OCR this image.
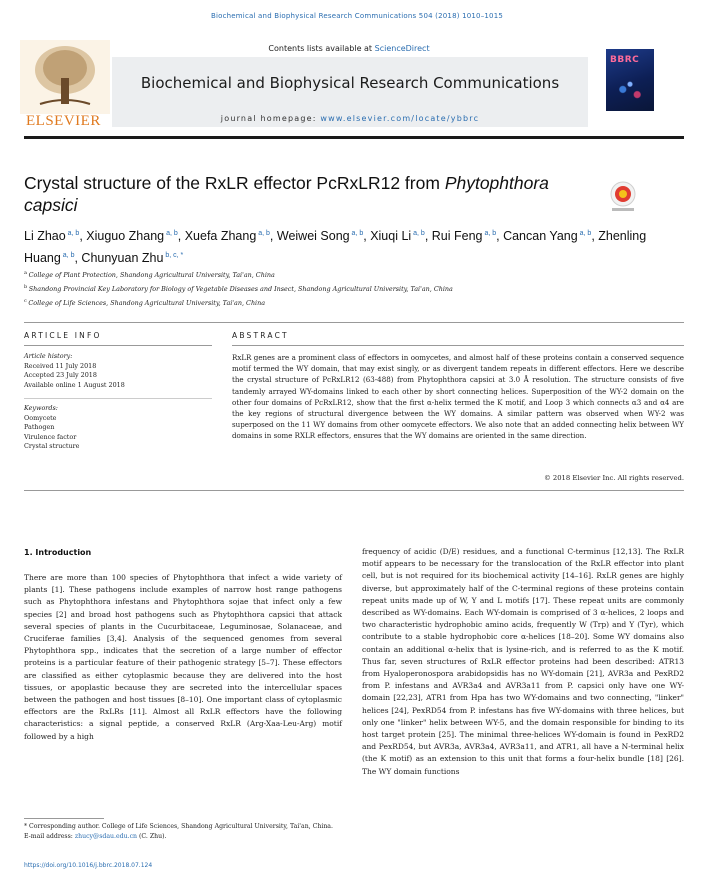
Biochemical and Biophysical Research Communications 504 (2018) 1010–1015
ELSEVIER
Contents lists available at ScienceDirect
Biochemical and Biophysical Research Communications
journal homepage: www.elsevier.com/locate/ybbrc
BBRC
Crystal structure of the RxLR effector PcRxLR12 from Phytophthora capsici
Li Zhao $^{a, b}$, Xiuguo Zhang $^{a, b}$, Xuefa Zhang $^{a, b}$, Weiwei Song $^{a, b}$, Xiuqi Li $^{a, b}$, Rui Feng $^{a, b}$, Cancan Yang $^{a, b}$, Zhenling Huang $^{a, b}$, Chunyuan Zhu $^{b, c, *}$
$^a$ College of Plant Protection, Shandong Agricultural University, Tai'an, China
$^b$ Shandong Provincial Key Laboratory for Biology of Vegetable Diseases and Insect, Shandong Agricultural University, Tai'an, China
$^c$ College of Life Sciences, Shandong Agricultural University, Tai'an, China
ARTICLE INFO	ABSTRACT
Article history:
Received 11 July 2018
Accepted 23 July 2018
Available online 1 August 2018
Keywords:
Oomycete
Pathogen
Virulence factor
Crystal structure
RxLR genes are a prominent class of effectors in oomycetes, and almost half of these proteins contain a conserved sequence motif termed the WY domain, that may exist singly, or as divergent tandem repeats in different effectors. Here we describe the crystal structure of PcRxLR12 (63-488) from Phytophthora capsici at 3.0 Å resolution. The structure consists of five tandemly arrayed WY-domains linked to each other by short connecting helices. Superposition of the WY-2 domain on the other four domains of PcRxLR12, show that the first α-helix termed the K motif, and Loop 3 which connects α3 and α4 are the key regions of structural divergence between the WY domains. A similar pattern was observed when WY-2 was superposed on the 11 WY domains from other oomycete effectors. We also note that an added connecting helix between WY domains in some RXLR effectors, ensures that the WY domains are oriented in the same direction.
© 2018 Elsevier Inc. All rights reserved.
1. Introduction
There are more than 100 species of Phytophthora that infect a wide variety of plants [1]. These pathogens include examples of narrow host range pathogens such as Phytophthora infestans and Phytophthora sojae that infect only a few species [2] and broad host pathogens such as Phytophthora capsici that attack several species of plants in the Cucurbitaceae, Leguminosae, Solanaceae, and Cruciferae families [3,4]. Analysis of the sequenced genomes from several Phytophthora spp., indicates that the secretion of a large number of effector proteins is a particular feature of their pathogenic strategy [5–7]. These effectors are classified as either cytoplasmic because they are delivered into the host tissues, or apoplastic because they are secreted into the intercellular spaces between the pathogen and host tissues [8–10]. One important class of cytoplasmic effectors are the RxLRs [11]. Almost all RxLR effectors have the following characteristics: a signal peptide, a conserved RxLR (Arg-Xaa-Leu-Arg) motif followed by a high
frequency of acidic (D/E) residues, and a functional C-terminus [12,13]. The RxLR motif appears to be necessary for the translocation of the RxLR effector into plant cell, but is not required for its biochemical activity [14–16]. RxLR genes are highly diverse, but approximately half of the C-terminal regions of these proteins contain repeat units made up of W, Y and L motifs [17]. These repeat units are commonly described as WY-domains. Each WY-domain is comprised of 3 α-helices, 2 loops and two characteristic hydrophobic amino acids, frequently W (Trp) and Y (Tyr), which contribute to a stable hydrophobic core α-helices [18–20]. Some WY domains also contain an additional α-helix that is lysine-rich, and is referred to as the K motif. Thus far, seven structures of RxLR effector proteins had been described: ATR13 from Hyaloperonospora arabidopsidis has no WY-domain [21], AVR3a and PexRD2 from P. infestans and AVR3a4 and AVR3a11 from P. capsici only have one WY-domain [22,23], ATR1 from Hpa has two WY-domains and two connecting, "linker" helices [24], PexRD54 from P. infestans has five WY-domains with three helices, but only one "linker" helix between WY-5, and the domain responsible for binding to its host target protein [25]. The minimal three-helices WY-domain is found in PexRD2 and PexRD54, but AVR3a, AVR3a4, AVR3a11, and ATR1, all have a N-terminal helix (the K motif) as an extension to this unit that forms a four-helix bundle [18] [26]. The WY domain functions
* Corresponding author. College of Life Sciences, Shandong Agricultural University, Tai'an, China.
E-mail address: zhucy@sdau.edu.cn (C. Zhu).
https://doi.org/10.1016/j.bbrc.2018.07.124
